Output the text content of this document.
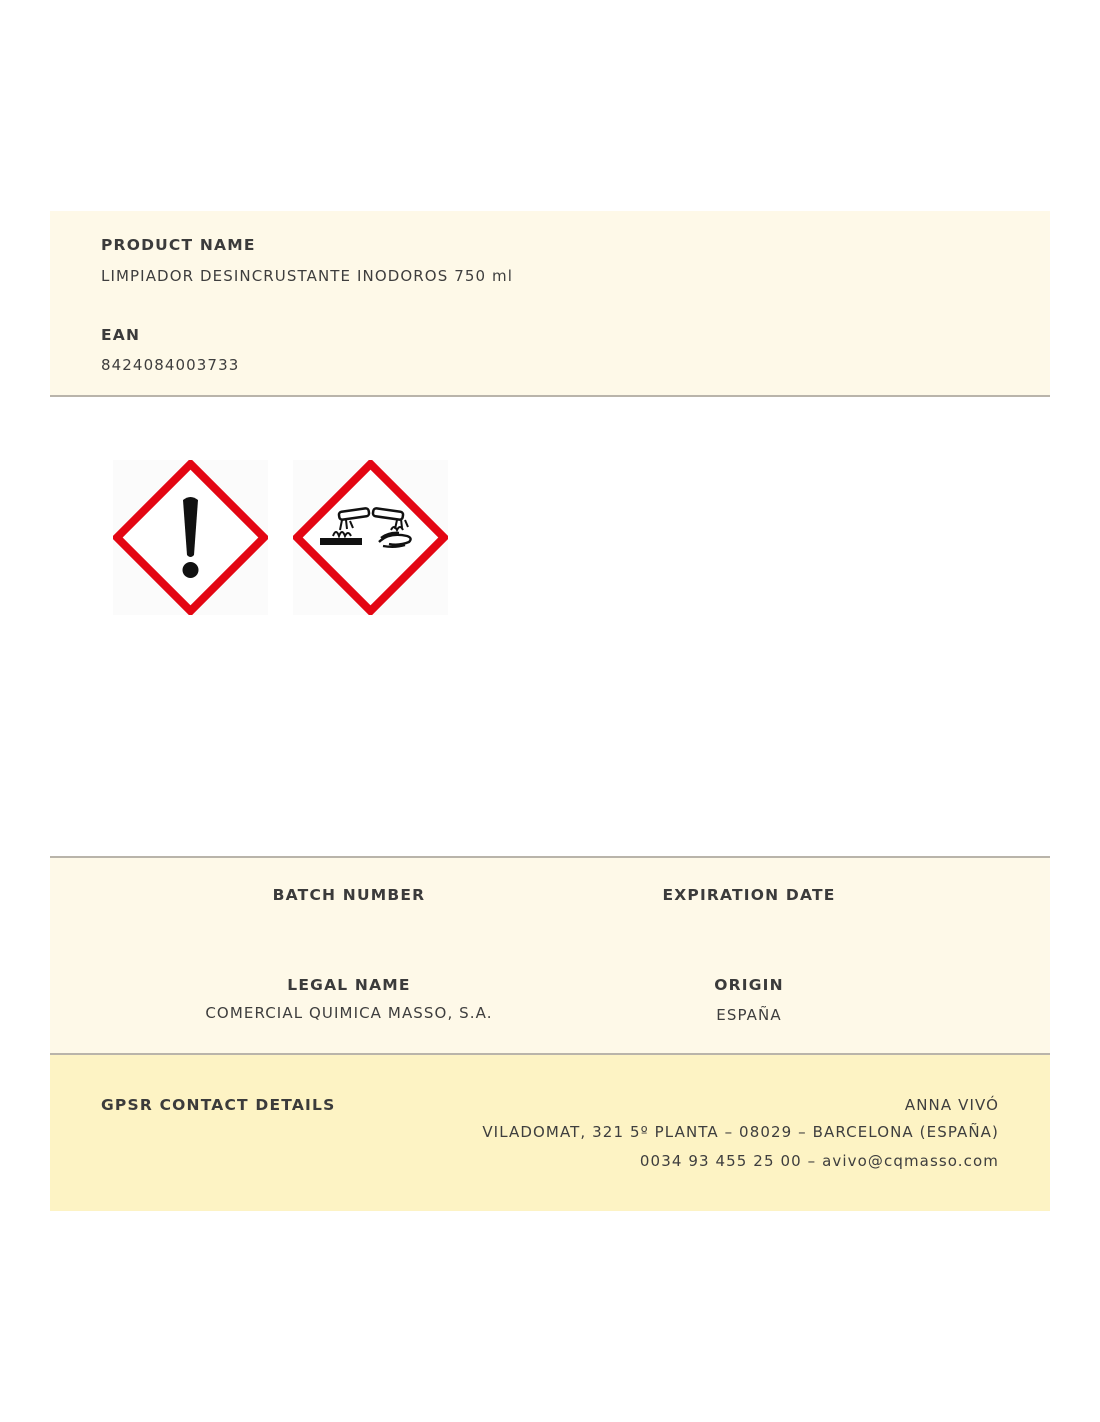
PRODUCT NAME
LIMPIADOR DESINCRUSTANTE INODOROS 750 ml
EAN
8424084003733
BATCH NUMBER	EXPIRATION DATE
LEGAL NAME
COMERCIAL QUIMICA MASSO, S.A.
ORIGIN
ESPAÑA
GPSR CONTACT DETAILS	ANNA VIVÓ
VILADOMAT, 321 5º PLANTA – 08029 – BARCELONA (ESPAÑA)
0034 93 455 25 00 – avivo@cqmasso.com
